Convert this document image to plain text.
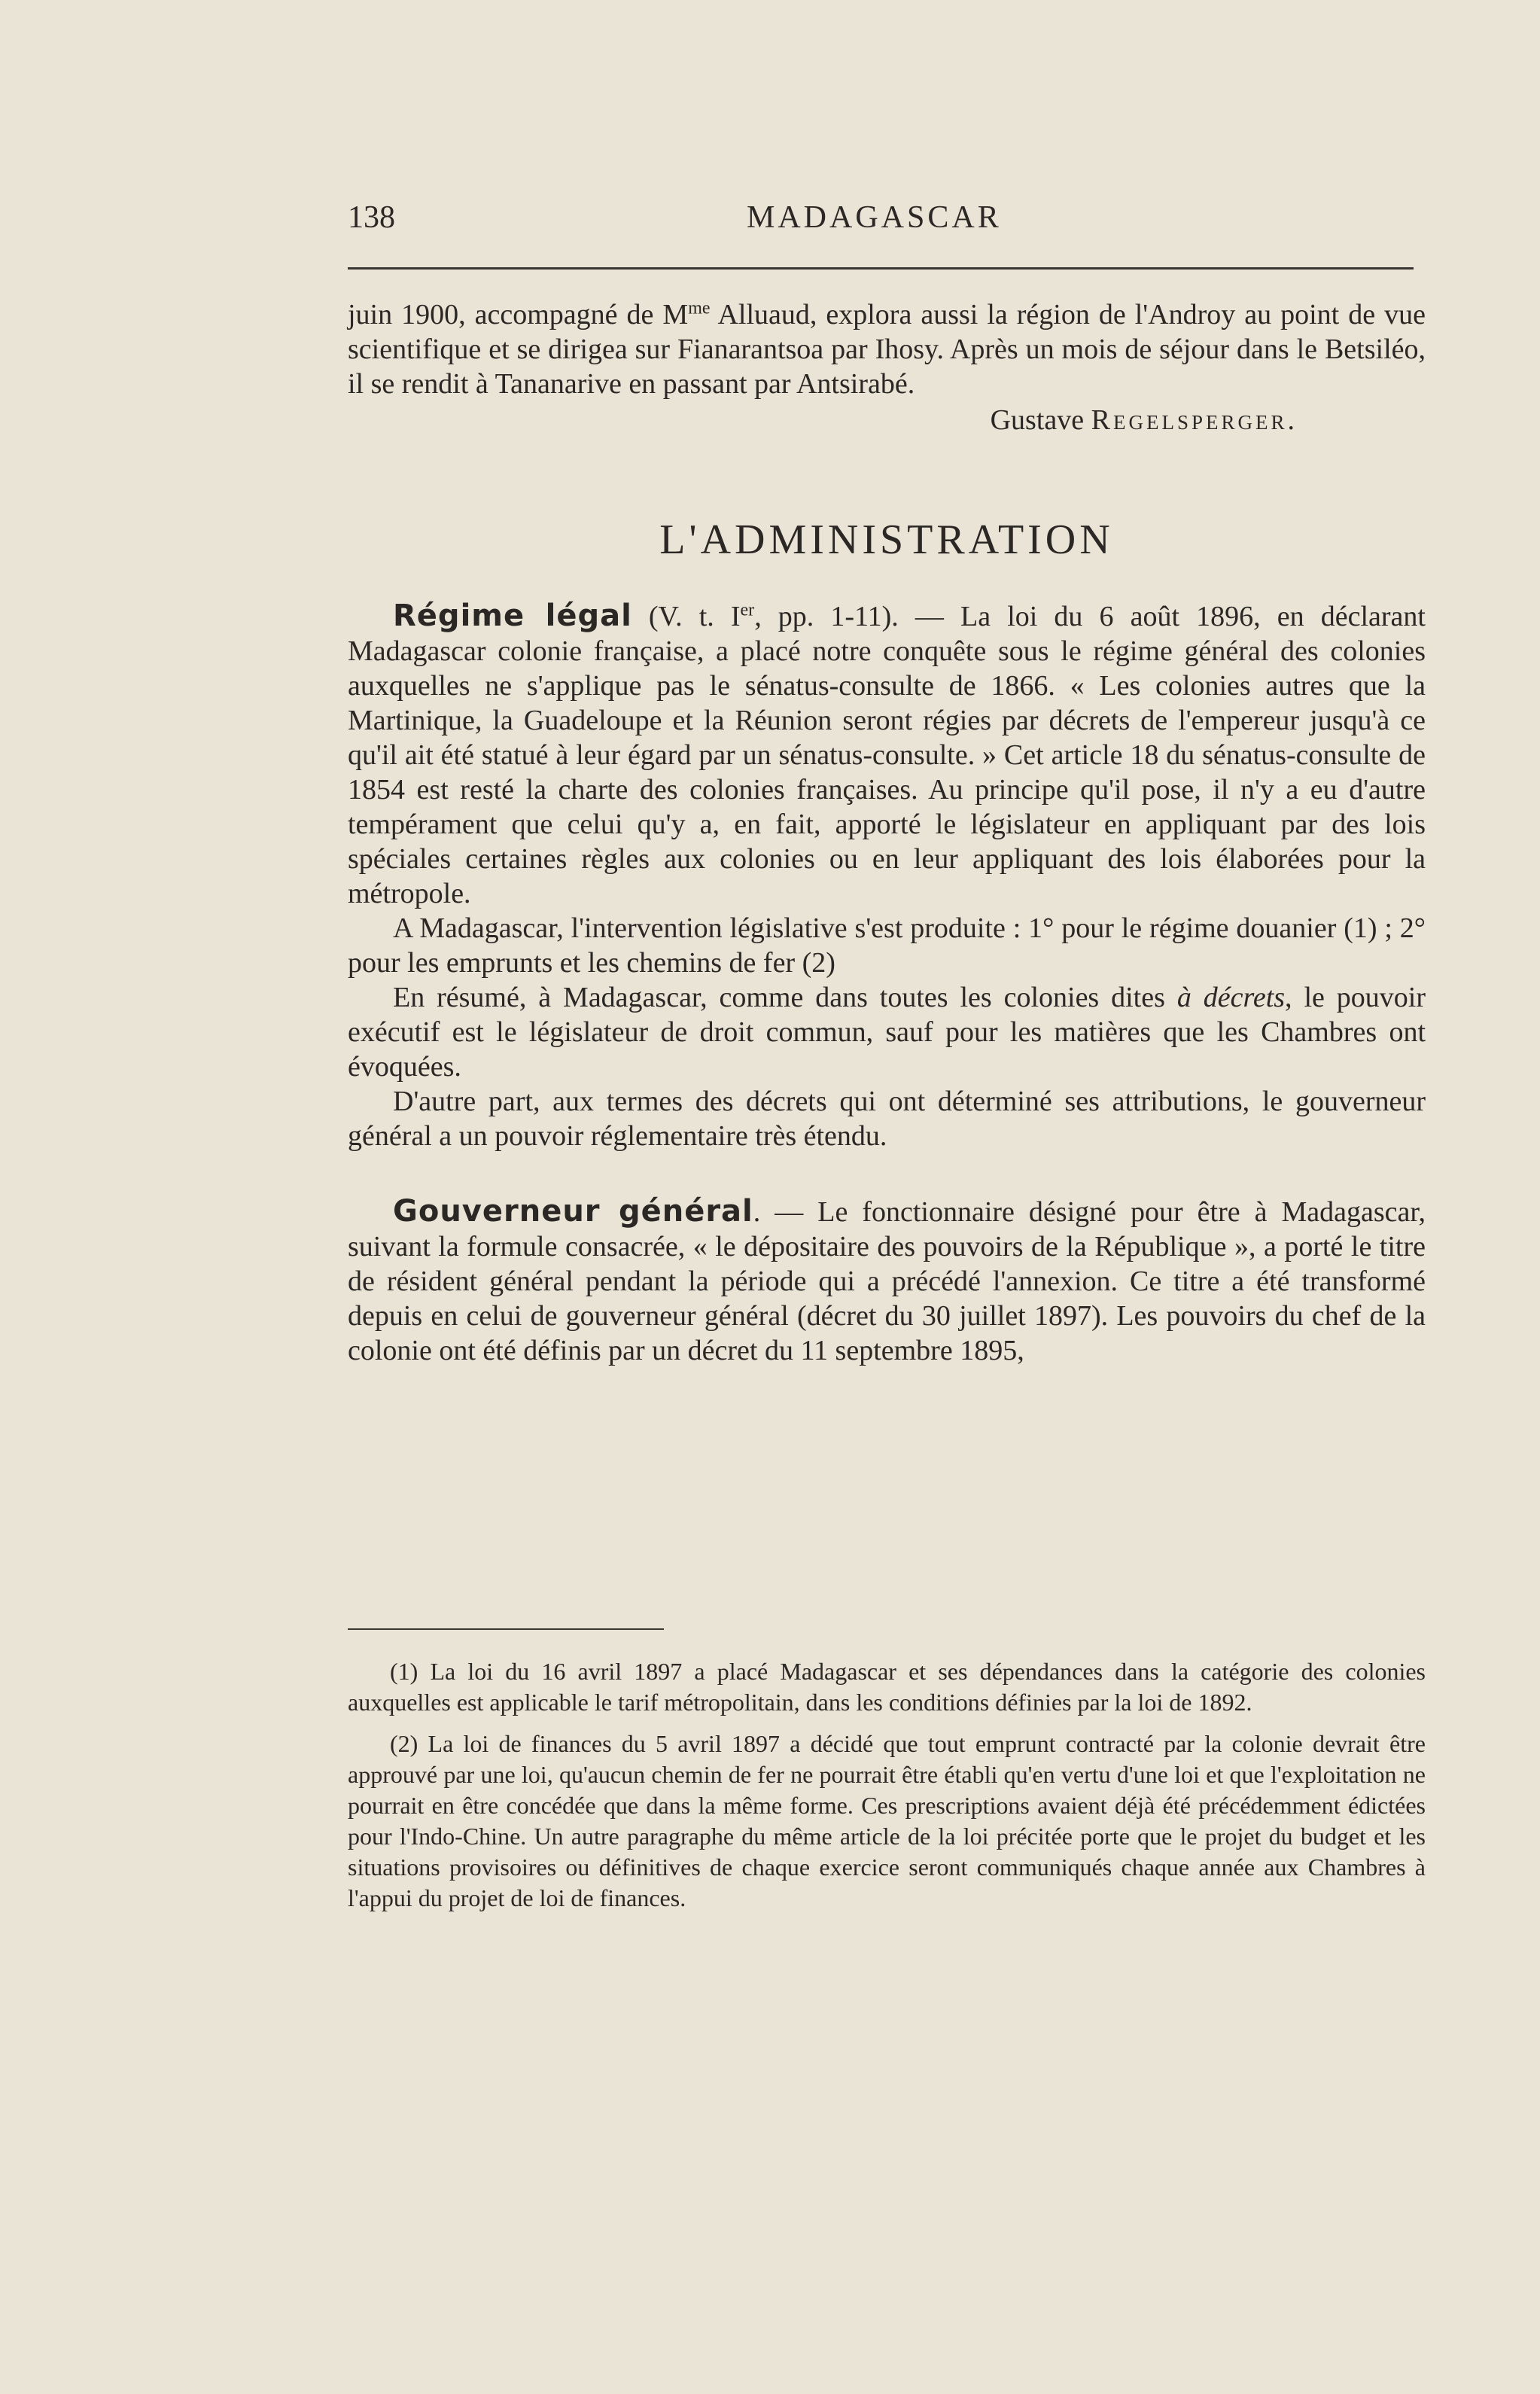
138	MADAGASCAR

juin 1900, accompagné de $M^{me}$ Alluaud, explora aussi la région de l'Androy au point de vue scientifique et se dirigea sur Fianarantsoa par Ihosy. Après un mois de séjour dans le Betsiléo, il se rendit à Tananarive en passant par Antsirabé.

Gustave Regelsperger.

L'ADMINISTRATION

Régime légal (V. t. Ier, pp. 1-11). — La loi du 6 août 1896, en déclarant Madagascar colonie française, a placé notre conquête sous le régime général des colonies auxquelles ne s'applique pas le sénatus-consulte de 1866. « Les colonies autres que la Martinique, la Guadeloupe et la Réunion seront régies par décrets de l'empereur jusqu'à ce qu'il ait été statué à leur égard par un sénatus-consulte. » Cet article 18 du sénatus-consulte de 1854 est resté la charte des colonies françaises. Au principe qu'il pose, il n'y a eu d'autre tempérament que celui qu'y a, en fait, apporté le législateur en appliquant par des lois spéciales certaines règles aux colonies ou en leur appliquant des lois élaborées pour la métropole.

A Madagascar, l'intervention législative s'est produite : 1° pour le régime douanier (1) ; 2° pour les emprunts et les chemins de fer (2)

En résumé, à Madagascar, comme dans toutes les colonies dites à décrets, le pouvoir exécutif est le législateur de droit commun, sauf pour les matières que les Chambres ont évoquées.

D'autre part, aux termes des décrets qui ont déterminé ses attributions, le gouverneur général a un pouvoir réglementaire très étendu.

Gouverneur général. — Le fonctionnaire désigné pour être à Madagascar, suivant la formule consacrée, « le dépositaire des pouvoirs de la République », a porté le titre de résident général pendant la période qui a précédé l'annexion. Ce titre a été transformé depuis en celui de gouverneur général (décret du 30 juillet 1897). Les pouvoirs du chef de la colonie ont été définis par un décret du 11 septembre 1895,

(1) La loi du 16 avril 1897 a placé Madagascar et ses dépendances dans la catégorie des colonies auxquelles est applicable le tarif métropolitain, dans les conditions définies par la loi de 1892.

(2) La loi de finances du 5 avril 1897 a décidé que tout emprunt contracté par la colonie devrait être approuvé par une loi, qu'aucun chemin de fer ne pourrait être établi qu'en vertu d'une loi et que l'exploitation ne pourrait en être concédée que dans la même forme. Ces prescriptions avaient déjà été précédemment édictées pour l'Indo-Chine. Un autre paragraphe du même article de la loi précitée porte que le projet du budget et les situations provisoires ou définitives de chaque exercice seront communiqués chaque année aux Chambres à l'appui du projet de loi de finances.
